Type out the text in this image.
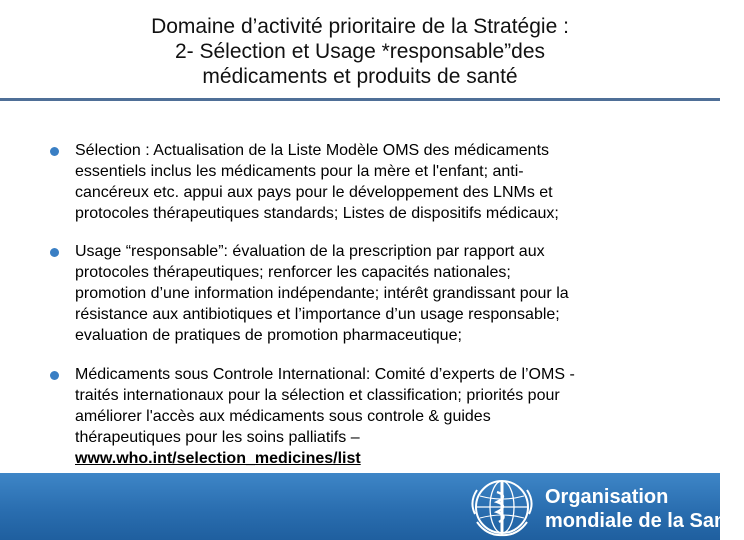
Domaine d’activité prioritaire de la Stratégie :
2- Sélection et Usage *responsable”des
médicaments et produits de santé
Sélection : Actualisation de la Liste Modèle OMS des médicaments
essentiels inclus les médicaments pour la mère et l'enfant; anti-
cancéreux etc. appui aux pays pour le développement des LNMs et
protocoles thérapeutiques standards; Listes de dispositifs médicaux;
Usage “responsable”: évaluation de la prescription par rapport aux
protocoles thérapeutiques; renforcer les capacités nationales;
promotion d’une information indépendante; intérêt grandissant pour la
résistance aux antibiotiques et l’importance d’un usage responsable;
evaluation de pratiques de promotion pharmaceutique;
Médicaments sous Controle International: Comité d’experts de l’OMS -
traités internationaux pour la sélection et classification; priorités pour
améliorer l'accès aux médicaments sous controle & guides
thérapeutiques pour les soins palliatifs –
www.who.int/selection_medicines/list
Organisation
mondiale de la Santé
